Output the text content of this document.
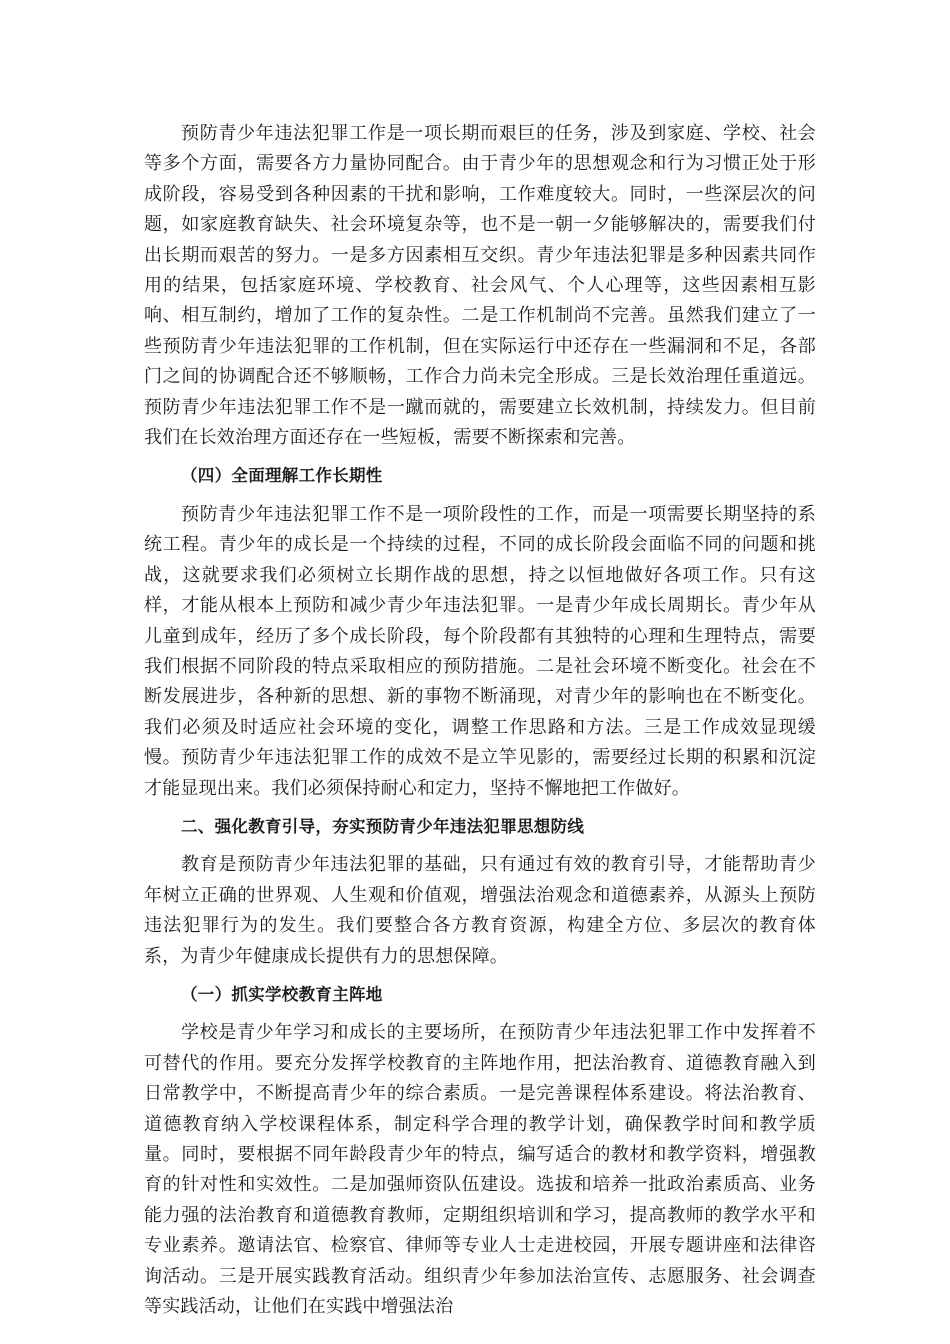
预防青少年违法犯罪工作是一项长期而艰巨的任务，涉及到家庭、学校、社会等多个方面，需要各方力量协同配合。由于青少年的思想观念和行为习惯正处于形成阶段，容易受到各种因素的干扰和影响，工作难度较大。同时，一些深层次的问题，如家庭教育缺失、社会环境复杂等，也不是一朝一夕能够解决的，需要我们付出长期而艰苦的努力。一是多方因素相互交织。青少年违法犯罪是多种因素共同作用的结果，包括家庭环境、学校教育、社会风气、个人心理等，这些因素相互影响、相互制约，增加了工作的复杂性。二是工作机制尚不完善。虽然我们建立了一些预防青少年违法犯罪的工作机制，但在实际运行中还存在一些漏洞和不足，各部门之间的协调配合还不够顺畅，工作合力尚未完全形成。三是长效治理任重道远。预防青少年违法犯罪工作不是一蹴而就的，需要建立长效机制，持续发力。但目前我们在长效治理方面还存在一些短板，需要不断探索和完善。

（四）全面理解工作长期性

预防青少年违法犯罪工作不是一项阶段性的工作，而是一项需要长期坚持的系统工程。青少年的成长是一个持续的过程，不同的成长阶段会面临不同的问题和挑战，这就要求我们必须树立长期作战的思想，持之以恒地做好各项工作。只有这样，才能从根本上预防和减少青少年违法犯罪。一是青少年成长周期长。青少年从儿童到成年，经历了多个成长阶段，每个阶段都有其独特的心理和生理特点，需要我们根据不同阶段的特点采取相应的预防措施。二是社会环境不断变化。社会在不断发展进步，各种新的思想、新的事物不断涌现，对青少年的影响也在不断变化。我们必须及时适应社会环境的变化，调整工作思路和方法。三是工作成效显现缓慢。预防青少年违法犯罪工作的成效不是立竿见影的，需要经过长期的积累和沉淀才能显现出来。我们必须保持耐心和定力，坚持不懈地把工作做好。

二、强化教育引导，夯实预防青少年违法犯罪思想防线

教育是预防青少年违法犯罪的基础，只有通过有效的教育引导，才能帮助青少年树立正确的世界观、人生观和价值观，增强法治观念和道德素养，从源头上预防违法犯罪行为的发生。我们要整合各方教育资源，构建全方位、多层次的教育体系，为青少年健康成长提供有力的思想保障。

（一）抓实学校教育主阵地

学校是青少年学习和成长的主要场所，在预防青少年违法犯罪工作中发挥着不可替代的作用。要充分发挥学校教育的主阵地作用，把法治教育、道德教育融入到日常教学中，不断提高青少年的综合素质。一是完善课程体系建设。将法治教育、道德教育纳入学校课程体系，制定科学合理的教学计划，确保教学时间和教学质量。同时，要根据不同年龄段青少年的特点，编写适合的教材和教学资料，增强教育的针对性和实效性。二是加强师资队伍建设。选拔和培养一批政治素质高、业务能力强的法治教育和道德教育教师，定期组织培训和学习，提高教师的教学水平和专业素养。邀请法官、检察官、律师等专业人士走进校园，开展专题讲座和法律咨询活动。三是开展实践教育活动。组织青少年参加法治宣传、志愿服务、社会调查等实践活动，让他们在实践中增强法治
